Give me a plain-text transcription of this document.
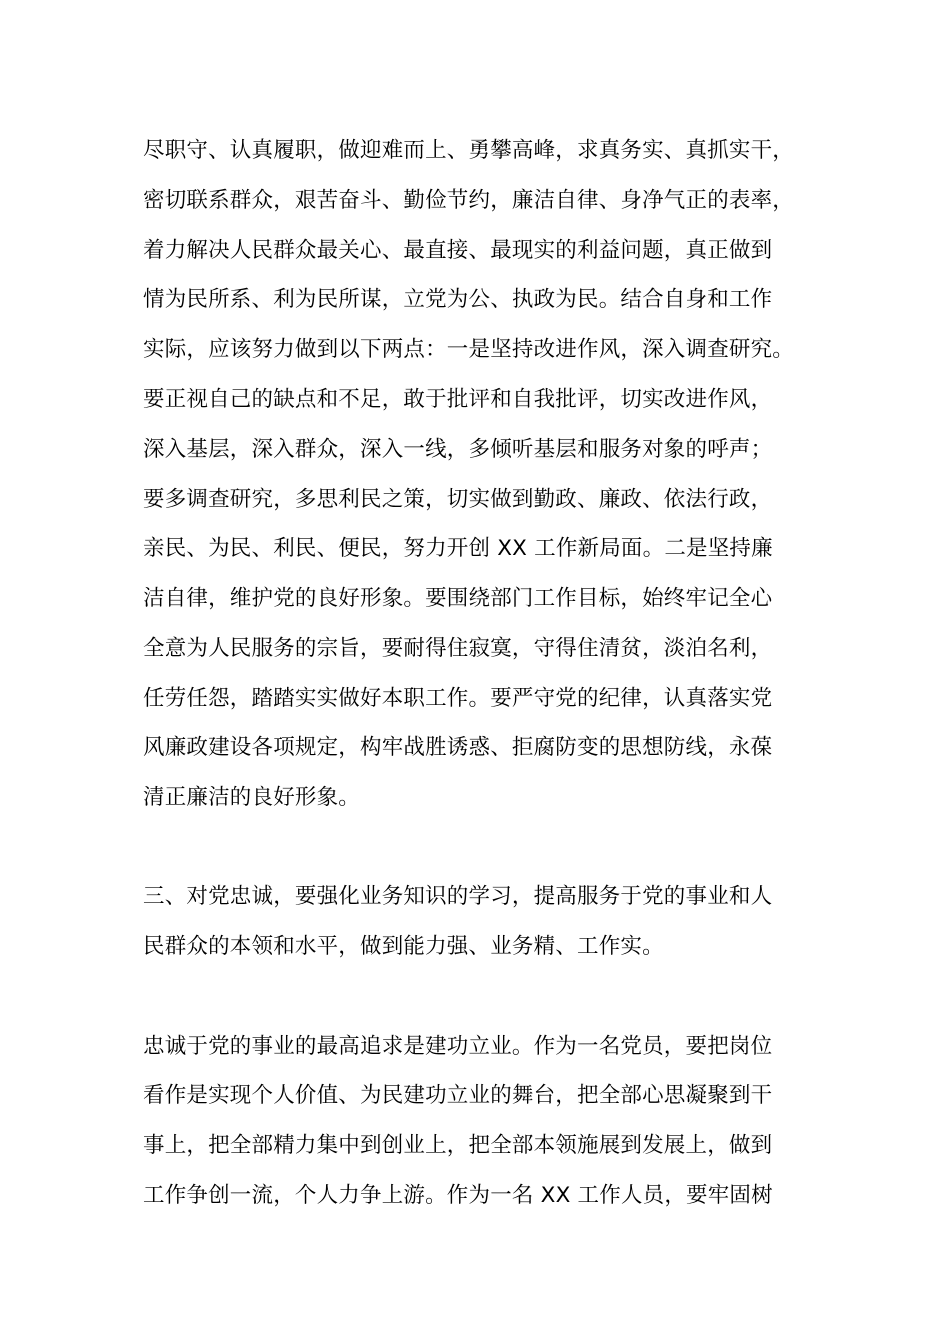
尽职守、认真履职，做迎难而上、勇攀高峰，求真务实、真抓实干，
密切联系群众，艰苦奋斗、勤俭节约，廉洁自律、身净气正的表率，
着力解决人民群众最关心、最直接、最现实的利益问题，真正做到
情为民所系、利为民所谋，立党为公、执政为民。结合自身和工作
实际，应该努力做到以下两点：一是坚持改进作风，深入调查研究。
要正视自己的缺点和不足，敢于批评和自我批评，切实改进作风，
深入基层，深入群众，深入一线，多倾听基层和服务对象的呼声；
要多调查研究，多思利民之策，切实做到勤政、廉政、依法行政，
亲民、为民、利民、便民，努力开创 XX 工作新局面。二是坚持廉
洁自律，维护党的良好形象。要围绕部门工作目标，始终牢记全心
全意为人民服务的宗旨，要耐得住寂寞，守得住清贫，淡泊名利，
任劳任怨，踏踏实实做好本职工作。要严守党的纪律，认真落实党
风廉政建设各项规定，构牢战胜诱惑、拒腐防变的思想防线，永葆
清正廉洁的良好形象。
三、对党忠诚，要强化业务知识的学习，提高服务于党的事业和人
民群众的本领和水平，做到能力强、业务精、工作实。
忠诚于党的事业的最高追求是建功立业。作为一名党员，要把岗位
看作是实现个人价值、为民建功立业的舞台，把全部心思凝聚到干
事上，把全部精力集中到创业上，把全部本领施展到发展上，做到
工作争创一流，个人力争上游。作为一名 XX 工作人员，要牢固树
